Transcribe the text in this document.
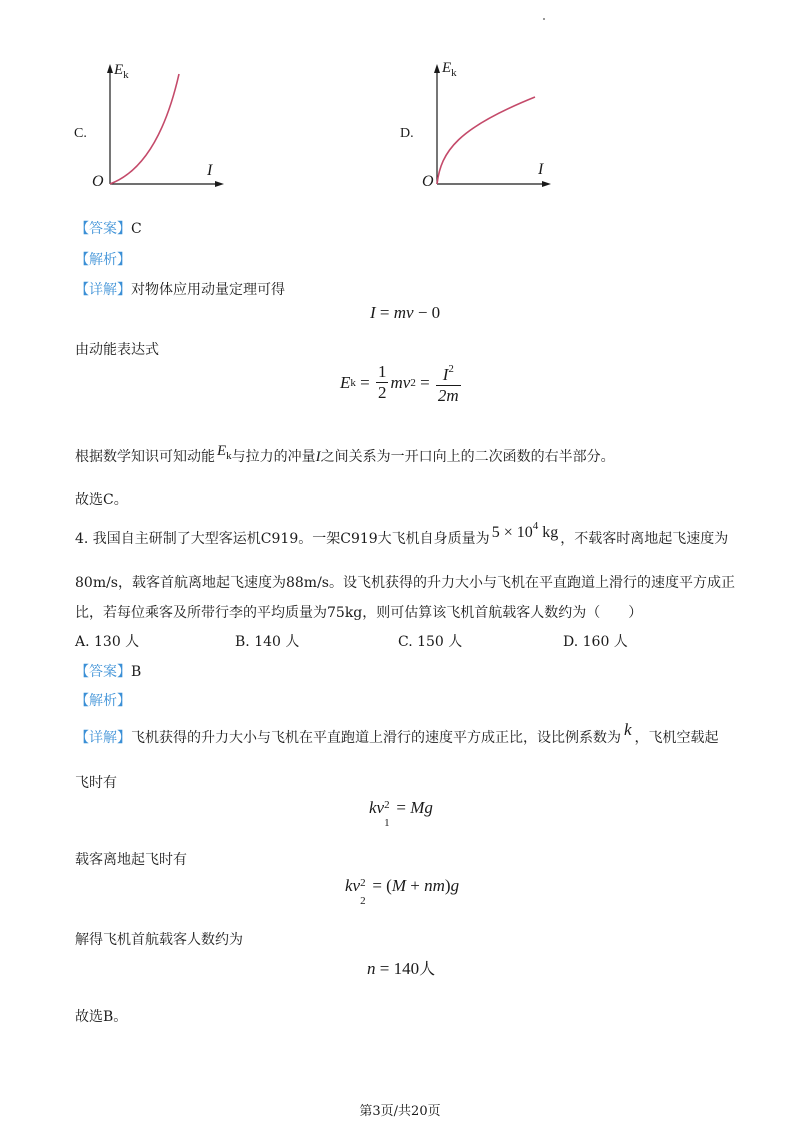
C.
$E_k$
I
O
D.
$E_k$
I
O
【答案】C
【解析】
【详解】对物体应用动量定理可得
I = mv − 0
由动能表达式
E $k = \frac{1}{2}$ mv $2 = \frac{I^2}{2m}$
根据数学知识可知动能 $E_k$与拉力的冲量I之间关系为一开口向上的二次函数的右半部分。
故选C。
4. 我国自主研制了大型客运机C919。一架C919大飞机自身质量为 $5 \times 10^4$ kg ，不载客时离地起飞速度为
80m/s，载客首航离地起飞速度为88m/s。设飞机获得的升力大小与飞机在平直跑道上滑行的速度平方成正
比，若每位乘客及所带行李的平均质量为75kg，则可估算该飞机首航载客人数约为（　　）
A. 130 人	B. 140 人	C. 150 人	D. 160 人
【答案】B
【解析】
【详解】飞机获得的升力大小与飞机在平直跑道上滑行的速度平方成正比，设比例系数为 k ，飞机空载起
飞时有
kv 2
1
= Mg
载客离地起飞时有
kv 2
2
= (M + nm)g
解得飞机首航载客人数约为
n = 140人
故选B。
第3页/共20页
